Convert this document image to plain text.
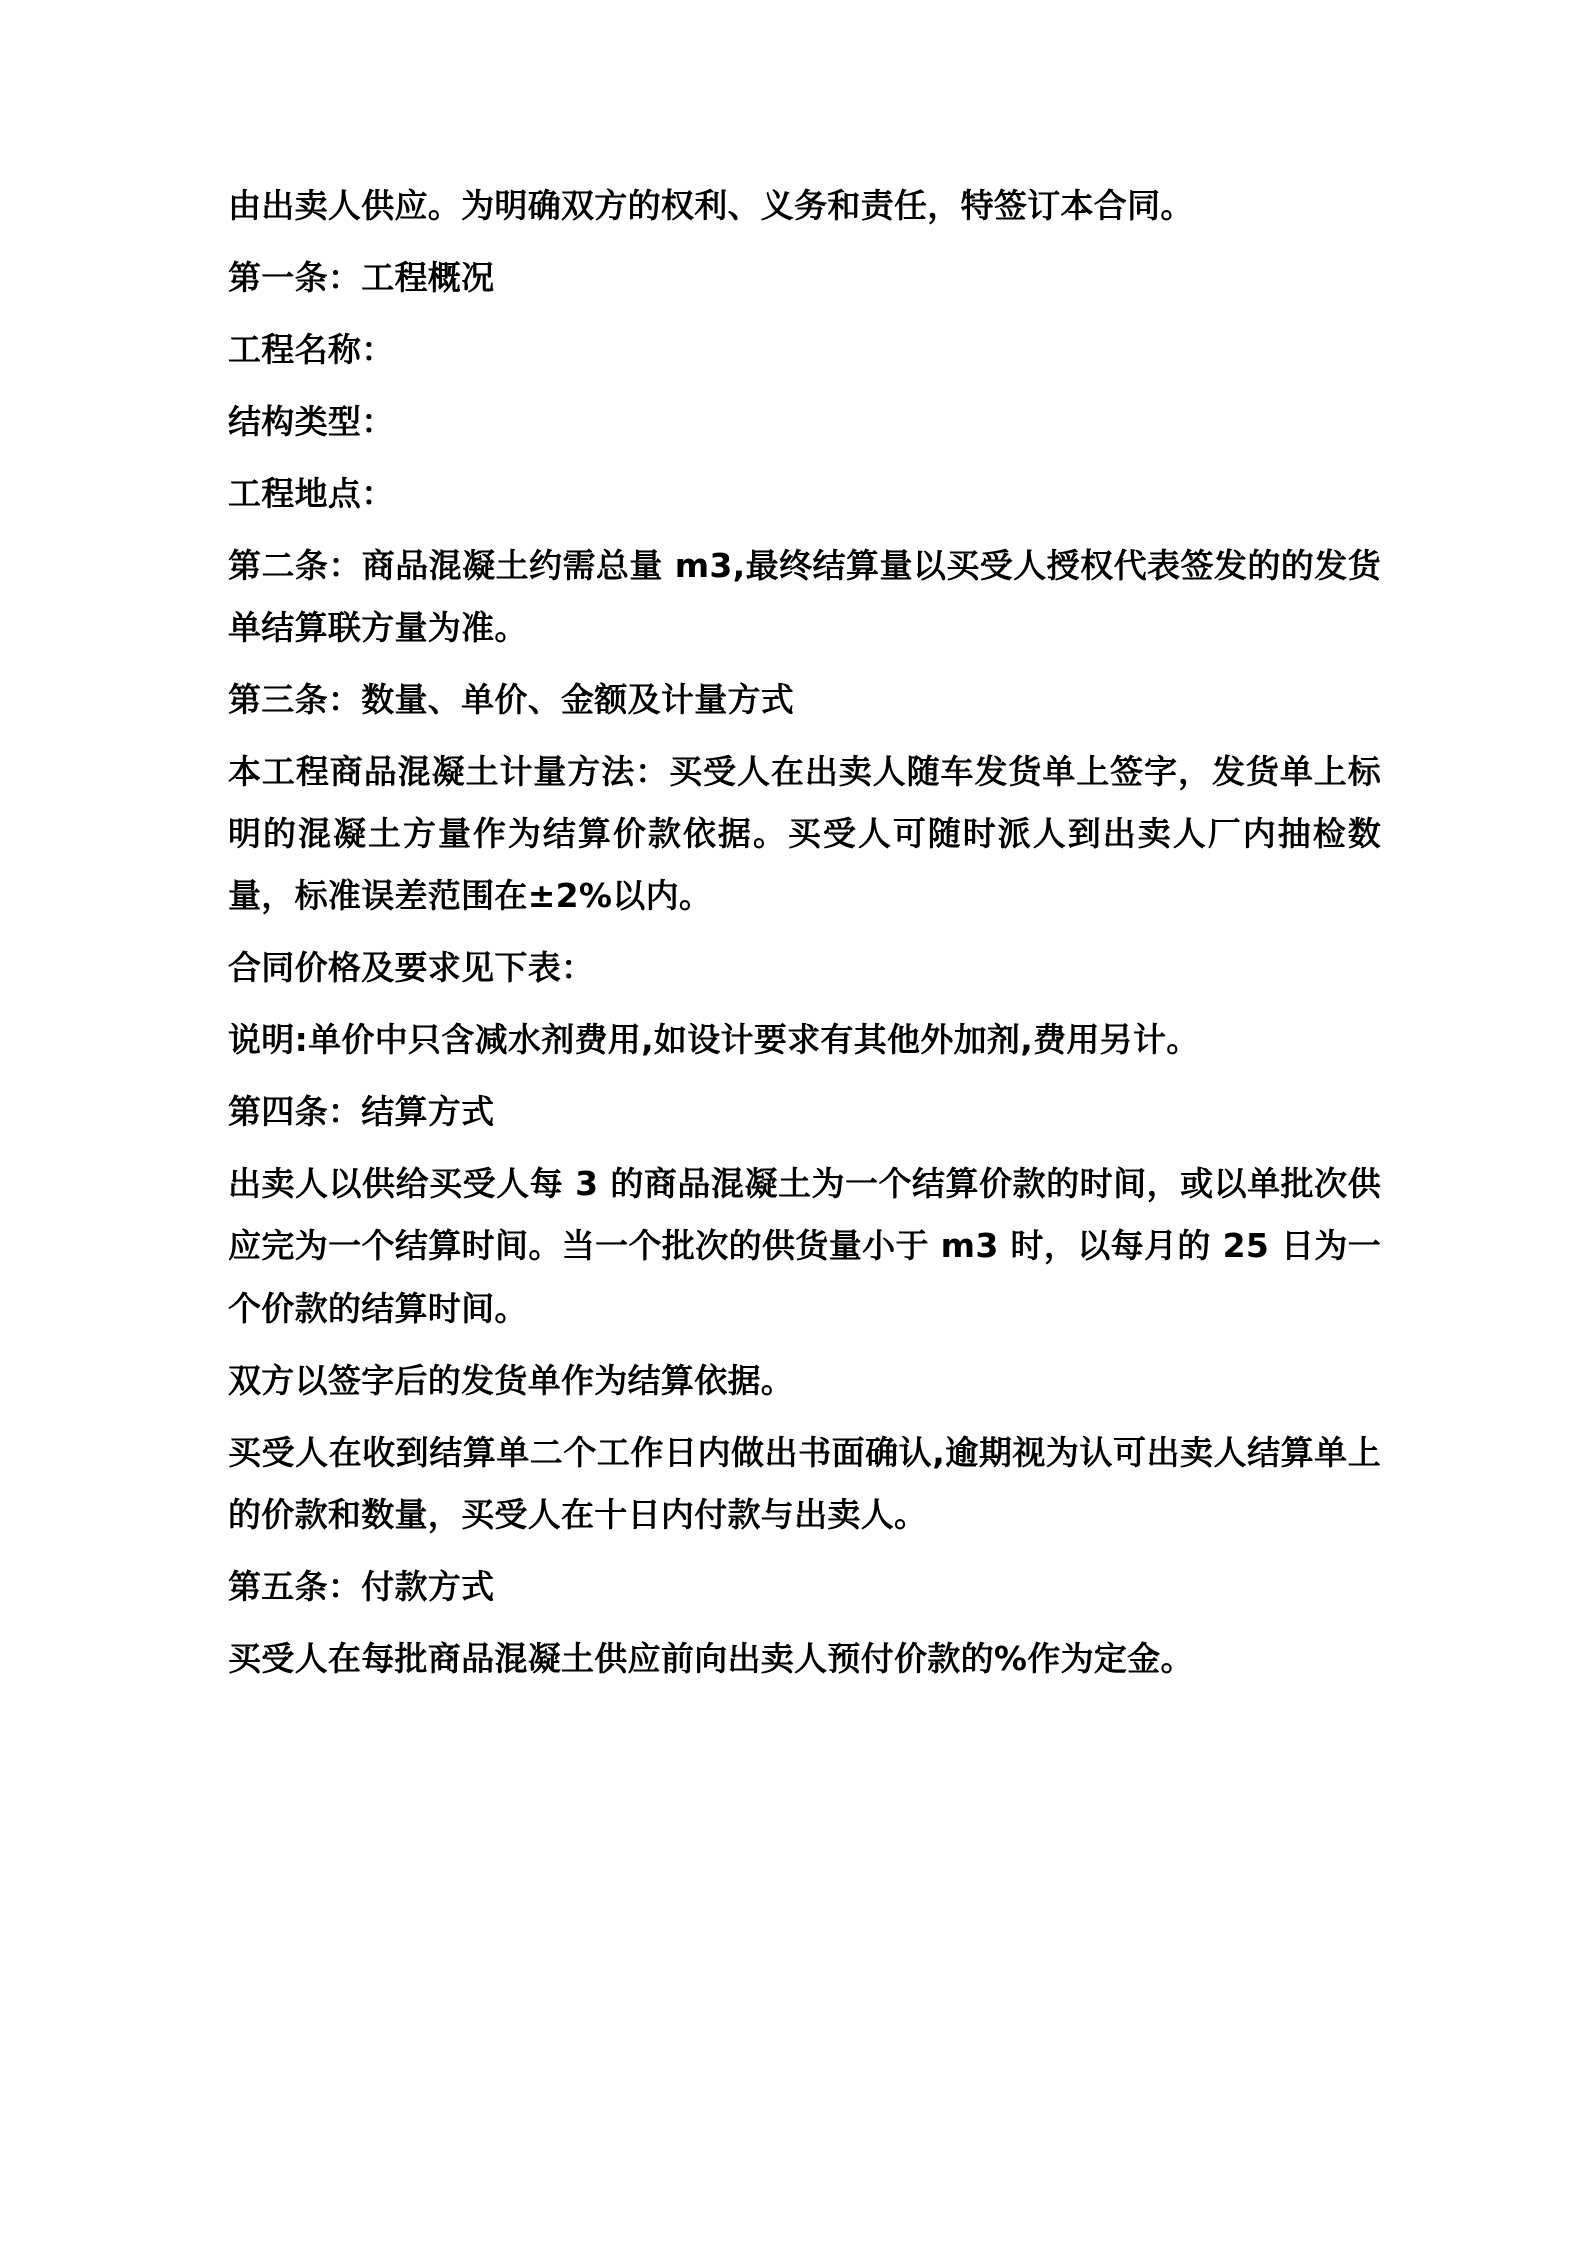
由出卖人供应。为明确双方的权利、义务和责任，特签订本合同。

第一条：工程概况

工程名称：

结构类型：

工程地点：

第二条：商品混凝土约需总量 m3,最终结算量以买受人授权代表签发的的发货单结算联方量为准。

第三条：数量、单价、金额及计量方式

本工程商品混凝土计量方法：买受人在出卖人随车发货单上签字，发货单上标明的混凝土方量作为结算价款依据。买受人可随时派人到出卖人厂内抽检数量，标准误差范围在±2%以内。

合同价格及要求见下表：

说明:单价中只含减水剂费用,如设计要求有其他外加剂,费用另计。

第四条：结算方式

出卖人以供给买受人每 3 的商品混凝土为一个结算价款的时间，或以单批次供应完为一个结算时间。当一个批次的供货量小于 m3 时，以每月的 25 日为一个价款的结算时间。

双方以签字后的发货单作为结算依据。

买受人在收到结算单二个工作日内做出书面确认,逾期视为认可出卖人结算单上的价款和数量，买受人在十日内付款与出卖人。

第五条：付款方式

买受人在每批商品混凝土供应前向出卖人预付价款的%作为定金。
